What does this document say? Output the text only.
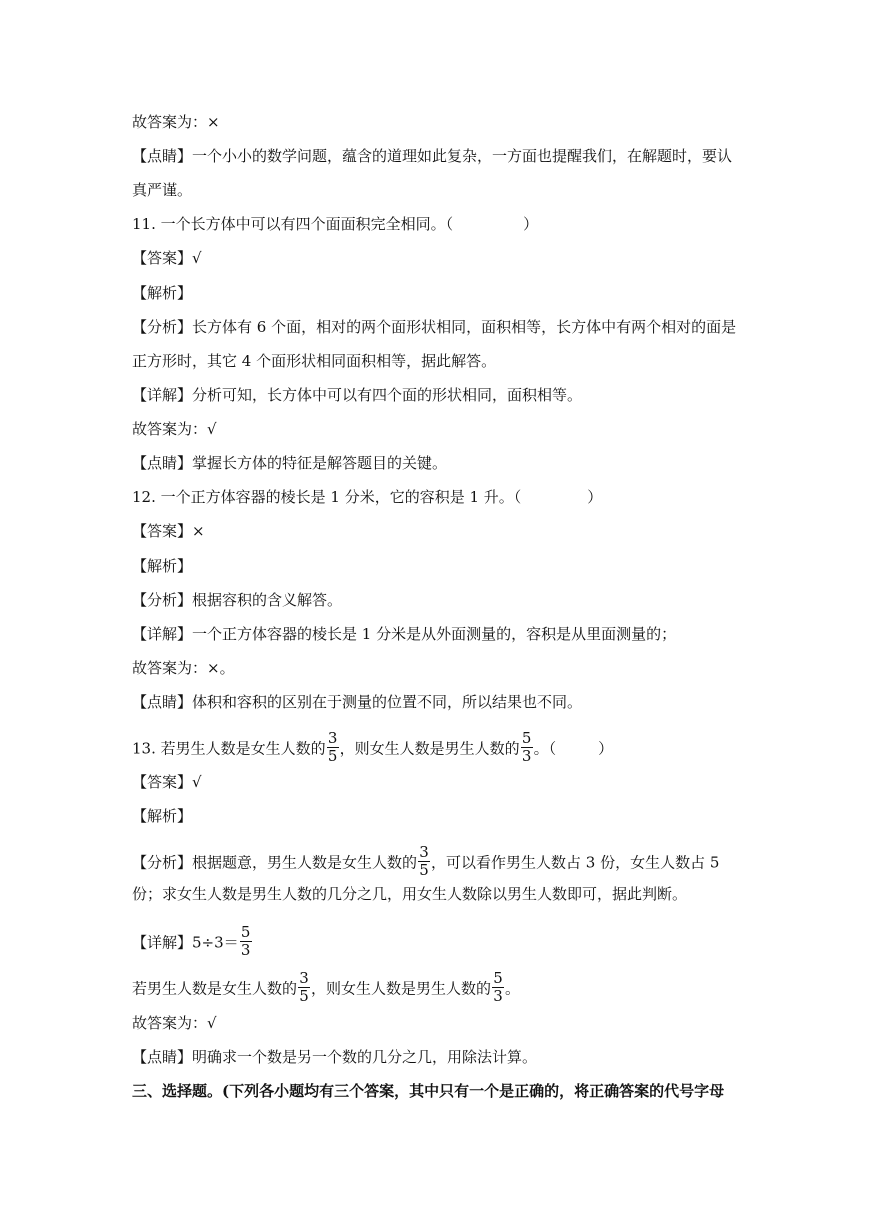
故答案为：×
【点睛】一个小小的数学问题，蕴含的道理如此复杂，一方面也提醒我们，在解题时，要认
真严谨。
11. 一个长方体中可以有四个面面积完全相同。（	）
【答案】√
【解析】
【分析】长方体有 6 个面，相对的两个面形状相同，面积相等，长方体中有两个相对的面是
正方形时，其它 4 个面形状相同面积相等，据此解答。
【详解】分析可知，长方体中可以有四个面的形状相同，面积相等。
故答案为：√
【点睛】掌握长方体的特征是解答题目的关键。
12. 一个正方体容器的棱长是 1 分米，它的容积是 1 升。（	）
【答案】×
【解析】
【分析】根据容积的含义解答。
【详解】一个正方体容器的棱长是 1 分米是从外面测量的，容积是从里面测量的；
故答案为：×。
【点睛】体积和容积的区别在于测量的位置不同，所以结果也不同。
13. 若男生人数是女生人数的 $\frac{3}{5}$ ，则女生人数是男生人数的 $\frac{5}{3}$ 。（	）
【答案】√
【解析】
【分析】根据题意，男生人数是女生人数的 $\frac{3}{5}$ ，可以看作男生人数占 3 份，女生人数占 5
份；求女生人数是男生人数的几分之几，用女生人数除以男生人数即可，据此判断。
【详解】$5\div 3= \frac{5}{3}$
若男生人数是女生人数的 $\frac{3}{5}$ ，则女生人数是男生人数的 $\frac{5}{3}$ 。
故答案为：√
【点睛】明确求一个数是另一个数的几分之几，用除法计算。
三、选择题。(下列各小题均有三个答案，其中只有一个是正确的，将正确答案的代号字母
